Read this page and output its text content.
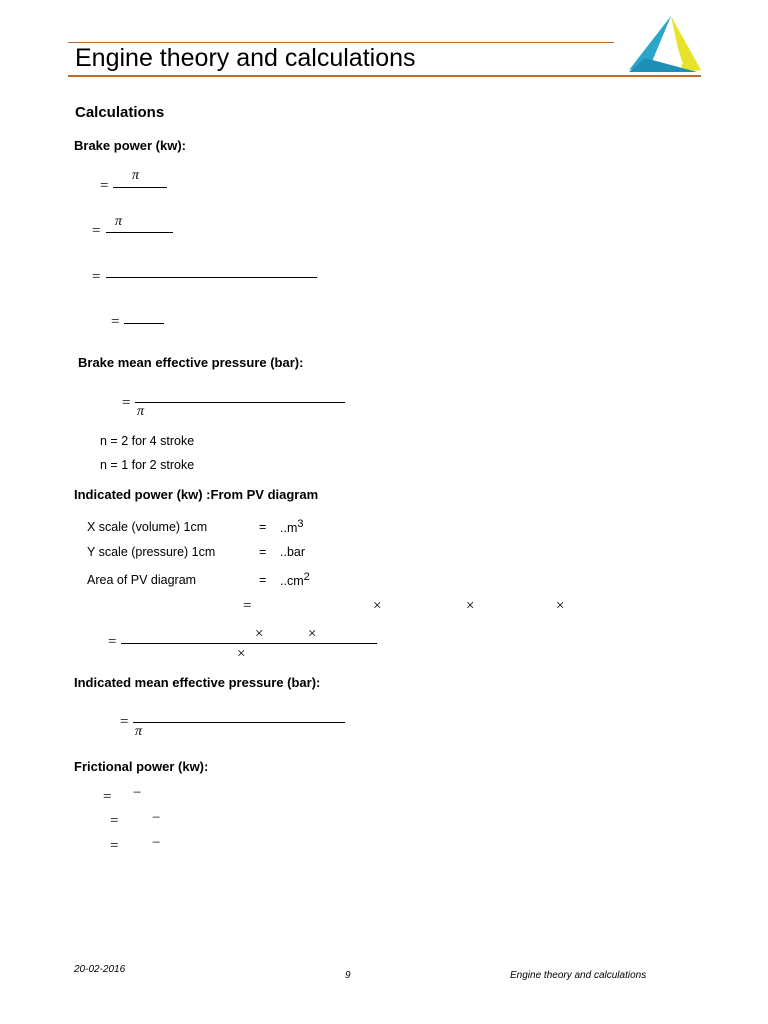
Engine theory and calculations
Calculations
Brake power (kw):
=
π
=
π
=
=
Brake mean effective pressure (bar):
=
π
n = 2 for 4 stroke
n = 1 for 2 stroke
Indicated power (kw) :From PV diagram
X scale (volume) 1cm	= $..m^3$
Y scale (pressure) 1cm	= ..bar
Area of PV diagram	= $..cm^2$
=	×	×	×
×	×
=
×
Indicated mean effective pressure (bar):
=
π
Frictional power (kw):
= −
= −
= −
20-02-2016
9	Engine theory and calculations
